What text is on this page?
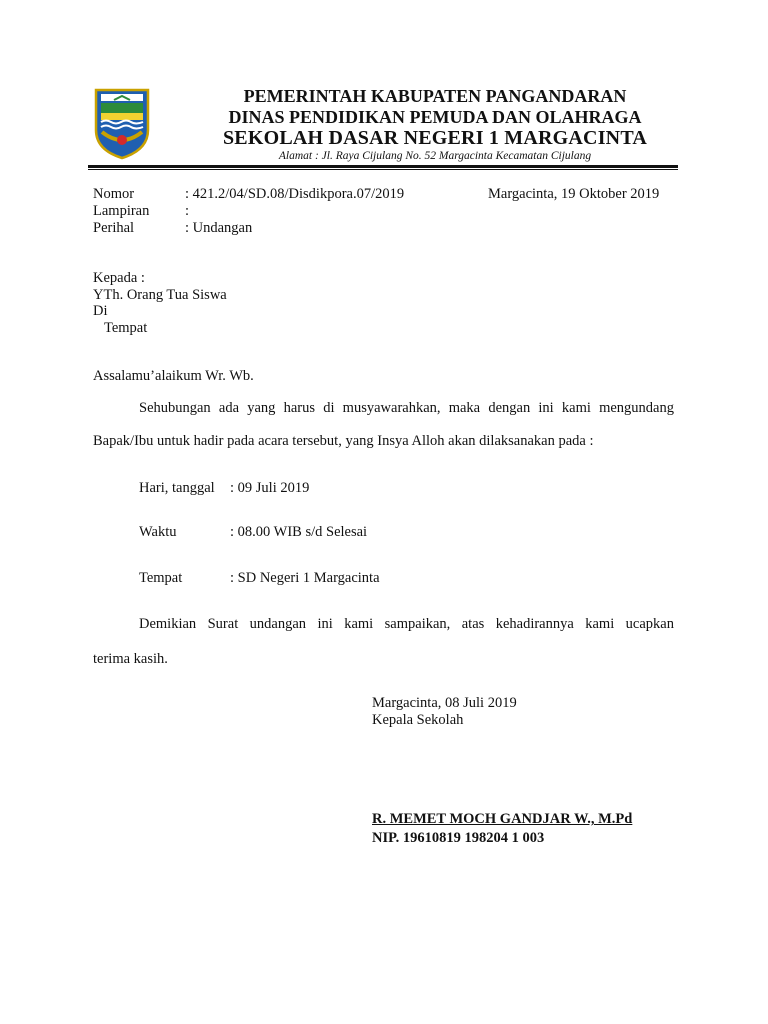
PEMERINTAH KABUPATEN PANGANDARAN
DINAS PENDIDIKAN PEMUDA DAN OLAHRAGA
SEKOLAH DASAR NEGERI 1 MARGACINTA
Alamat : Jl. Raya Cijulang No. 52 Margacinta Kecamatan Cijulang
Nomor	: 421.2/04/SD.08/Disdikpora.07/2019	Margacinta, 19 Oktober 2019
Lampiran :
Perihal	: Undangan
Kepada :
YTh. Orang Tua Siswa
Di
Tempat
Assalamu’alaikum Wr. Wb.
Sehubungan ada yang harus di musyawarahkan, maka dengan ini kami mengundang
Bapak/Ibu untuk hadir pada acara tersebut, yang Insya Alloh akan dilaksanakan pada :
Hari, tanggal : 09 Juli 2019
Waktu	: 08.00 WIB s/d Selesai
Tempat	: SD Negeri 1 Margacinta
Demikian Surat undangan ini kami sampaikan, atas kehadirannya kami ucapkan
terima kasih.
Margacinta, 08 Juli 2019
Kepala Sekolah
R. MEMET MOCH GANDJAR W., M.Pd
NIP. 19610819 198204 1 003
